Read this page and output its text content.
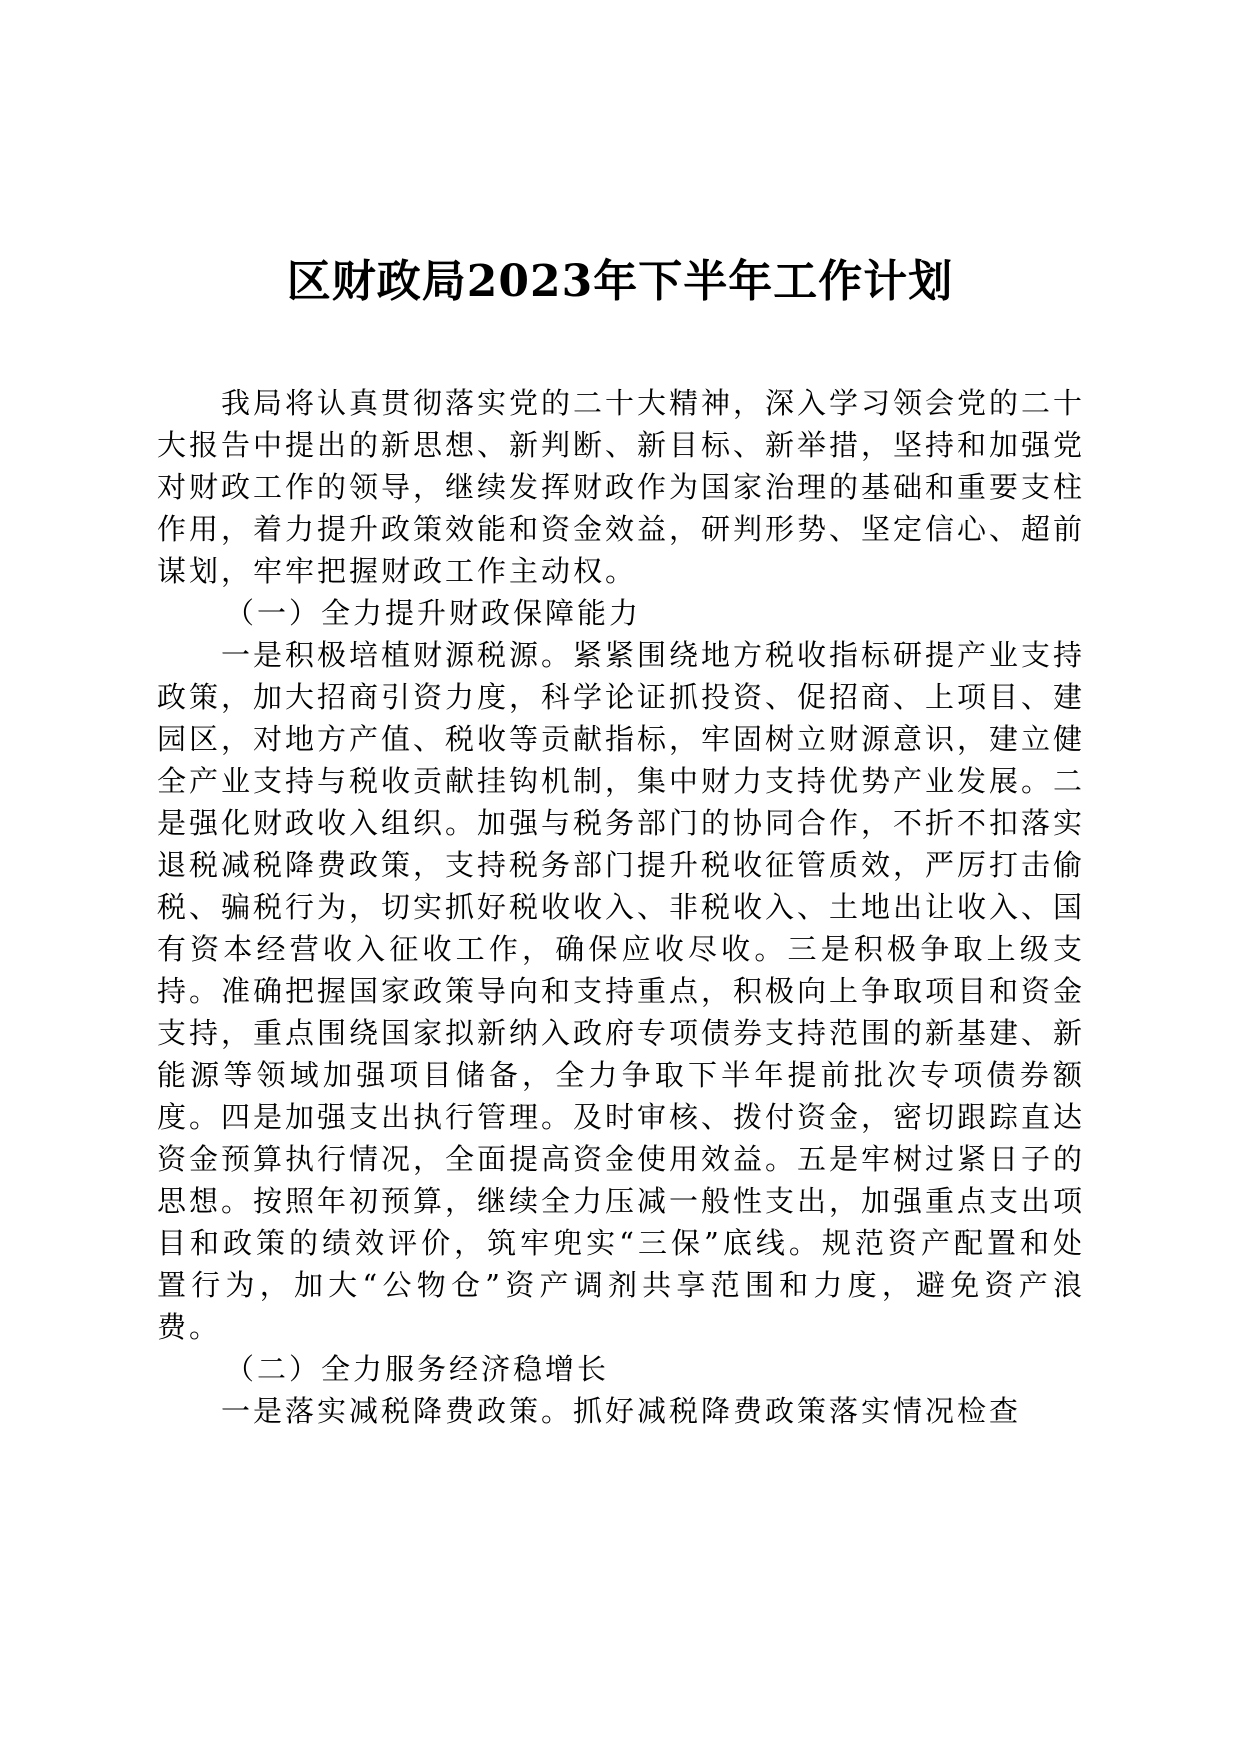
区财政局2023年下半年工作计划

我局将认真贯彻落实党的二十大精神，深入学习领会党的二十大报告中提出的新思想、新判断、新目标、新举措，坚持和加强党对财政工作的领导，继续发挥财政作为国家治理的基础和重要支柱作用，着力提升政策效能和资金效益，研判形势、坚定信心、超前谋划，牢牢把握财政工作主动权。

（一）全力提升财政保障能力

一是积极培植财源税源。紧紧围绕地方税收指标研提产业支持政策，加大招商引资力度，科学论证抓投资、促招商、上项目、建园区，对地方产值、税收等贡献指标，牢固树立财源意识，建立健全产业支持与税收贡献挂钩机制，集中财力支持优势产业发展。二是强化财政收入组织。加强与税务部门的协同合作，不折不扣落实退税减税降费政策，支持税务部门提升税收征管质效，严厉打击偷税、骗税行为，切实抓好税收收入、非税收入、土地出让收入、国有资本经营收入征收工作，确保应收尽收。三是积极争取上级支持。准确把握国家政策导向和支持重点，积极向上争取项目和资金支持，重点围绕国家拟新纳入政府专项债券支持范围的新基建、新能源等领域加强项目储备，全力争取下半年提前批次专项债券额度。四是加强支出执行管理。及时审核、拨付资金，密切跟踪直达资金预算执行情况，全面提高资金使用效益。五是牢树过紧日子的思想。按照年初预算，继续全力压减一般性支出，加强重点支出项目和政策的绩效评价，筑牢兜实“三保”底线。规范资产配置和处置行为，加大“公物仓”资产调剂共享范围和力度，避免资产浪费。

（二）全力服务经济稳增长

一是落实减税降费政策。抓好减税降费政策落实情况检查
